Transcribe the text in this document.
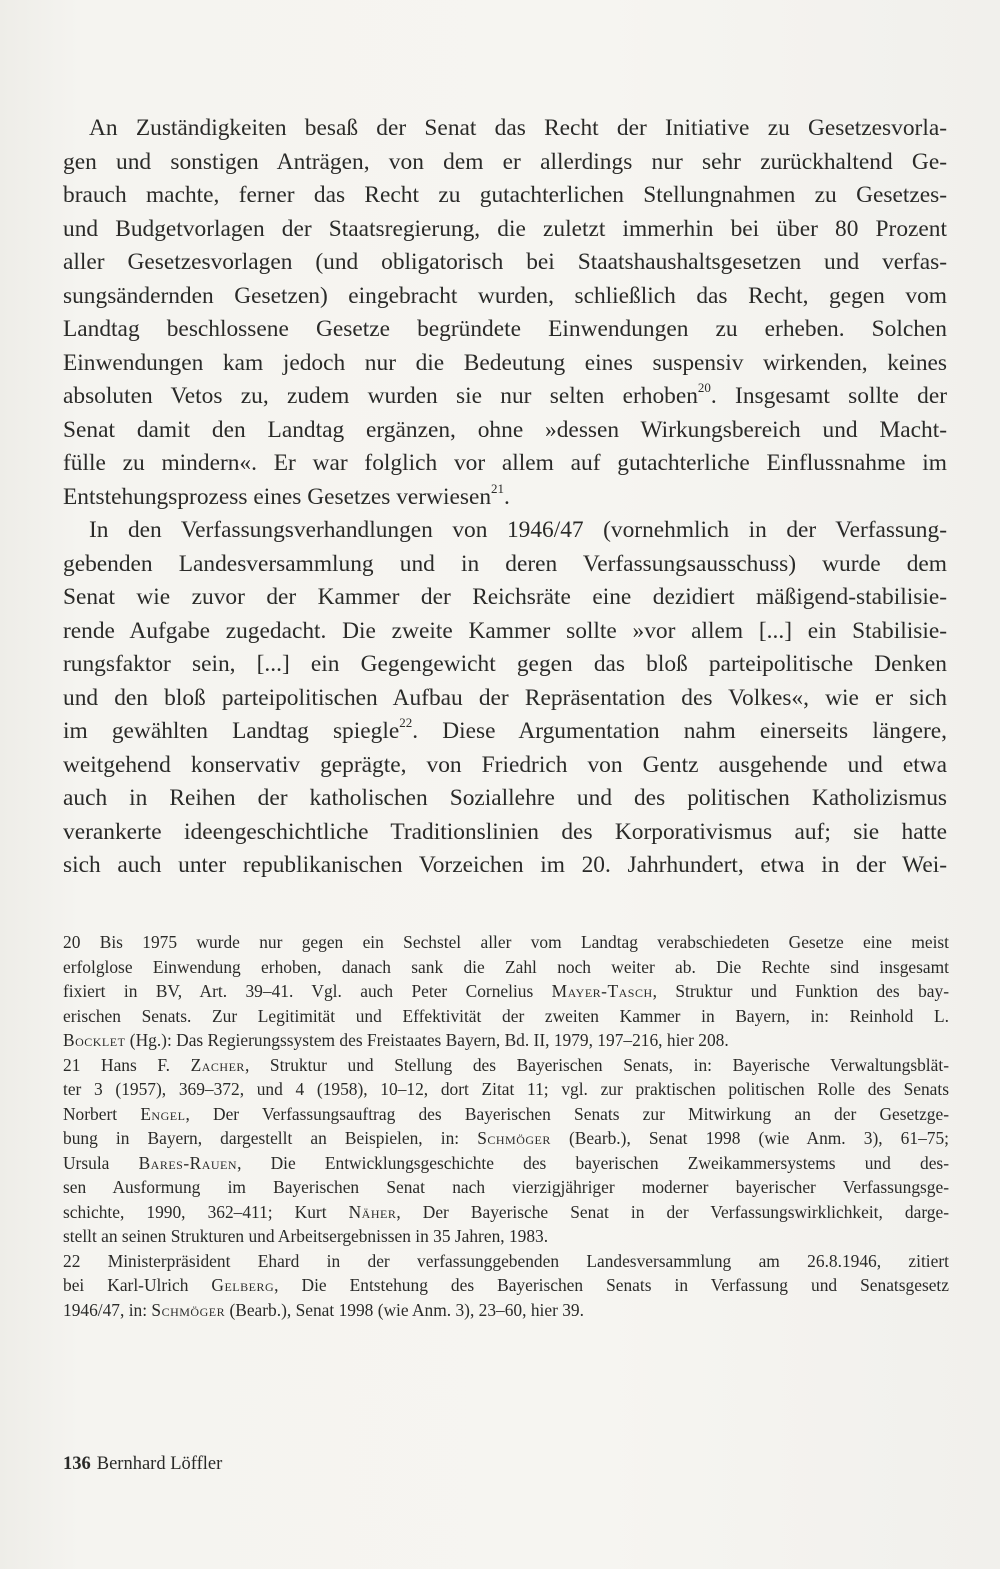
An Zuständigkeiten besaß der Senat das Recht der Initiative zu Gesetzesvorla-
gen und sonstigen Anträgen, von dem er allerdings nur sehr zurückhaltend Ge-
brauch machte, ferner das Recht zu gutachterlichen Stellungnahmen zu Gesetzes-
und Budgetvorlagen der Staatsregierung, die zuletzt immerhin bei über 80 Prozent
aller Gesetzesvorlagen (und obligatorisch bei Staatshaushaltsgesetzen und verfas-
sungsändernden Gesetzen) eingebracht wurden, schließlich das Recht, gegen vom
Landtag beschlossene Gesetze begründete Einwendungen zu erheben. Solchen
Einwendungen kam jedoch nur die Bedeutung eines suspensiv wirkenden, keines
absoluten Vetos zu, zudem wurden sie nur selten erhoben$^{20}$. Insgesamt sollte der
Senat damit den Landtag ergänzen, ohne »dessen Wirkungsbereich und Macht-
fülle zu mindern«. Er war folglich vor allem auf gutachterliche Einflussnahme im
Entstehungsprozess eines Gesetzes verwiesen$^{21}$.
In den Verfassungsverhandlungen von 1946/47 (vornehmlich in der Verfassung-
gebenden Landesversammlung und in deren Verfassungsausschuss) wurde dem
Senat wie zuvor der Kammer der Reichsräte eine dezidiert mäßigend-stabilisie-
rende Aufgabe zugedacht. Die zweite Kammer sollte »vor allem [...] ein Stabilisie-
rungsfaktor sein, [...] ein Gegengewicht gegen das bloß parteipolitische Denken
und den bloß parteipolitischen Aufbau der Repräsentation des Volkes«, wie er sich
im gewählten Landtag spiegle$^{22}$. Diese Argumentation nahm einerseits längere,
weitgehend konservativ geprägte, von Friedrich von Gentz ausgehende und etwa
auch in Reihen der katholischen Soziallehre und des politischen Katholizismus
verankerte ideengeschichtliche Traditionslinien des Korporativismus auf; sie hatte
sich auch unter republikanischen Vorzeichen im 20. Jahrhundert, etwa in der Wei-
20 Bis 1975 wurde nur gegen ein Sechstel aller vom Landtag verabschiedeten Gesetze eine meist
erfolglose Einwendung erhoben, danach sank die Zahl noch weiter ab. Die Rechte sind insgesamt
fixiert in BV, Art. 39–41. Vgl. auch Peter Cornelius Mayer-Tasch, Struktur und Funktion des bay-
erischen Senats. Zur Legitimität und Effektivität der zweiten Kammer in Bayern, in: Reinhold L.
Bocklet (Hg.): Das Regierungssystem des Freistaates Bayern, Bd. II, 1979, 197–216, hier 208.
21 Hans F. Zacher, Struktur und Stellung des Bayerischen Senats, in: Bayerische Verwaltungsblät-
ter 3 (1957), 369–372, und 4 (1958), 10–12, dort Zitat 11; vgl. zur praktischen politischen Rolle des Senats
Norbert Engel, Der Verfassungsauftrag des Bayerischen Senats zur Mitwirkung an der Gesetzge-
bung in Bayern, dargestellt an Beispielen, in: Schmöger (Bearb.), Senat 1998 (wie Anm. 3), 61–75;
Ursula Bares-Rauen, Die Entwicklungsgeschichte des bayerischen Zweikammersystems und des-
sen Ausformung im Bayerischen Senat nach vierzigjähriger moderner bayerischer Verfassungsge-
schichte, 1990, 362–411; Kurt Näher, Der Bayerische Senat in der Verfassungswirklichkeit, darge-
stellt an seinen Strukturen und Arbeitsergebnissen in 35 Jahren, 1983.
22 Ministerpräsident Ehard in der verfassunggebenden Landesversammlung am 26.8.1946, zitiert
bei Karl-Ulrich Gelberg, Die Entstehung des Bayerischen Senats in Verfassung und Senatsgesetz
1946/47, in: Schmöger (Bearb.), Senat 1998 (wie Anm. 3), 23–60, hier 39.
136 Bernhard Löffler
